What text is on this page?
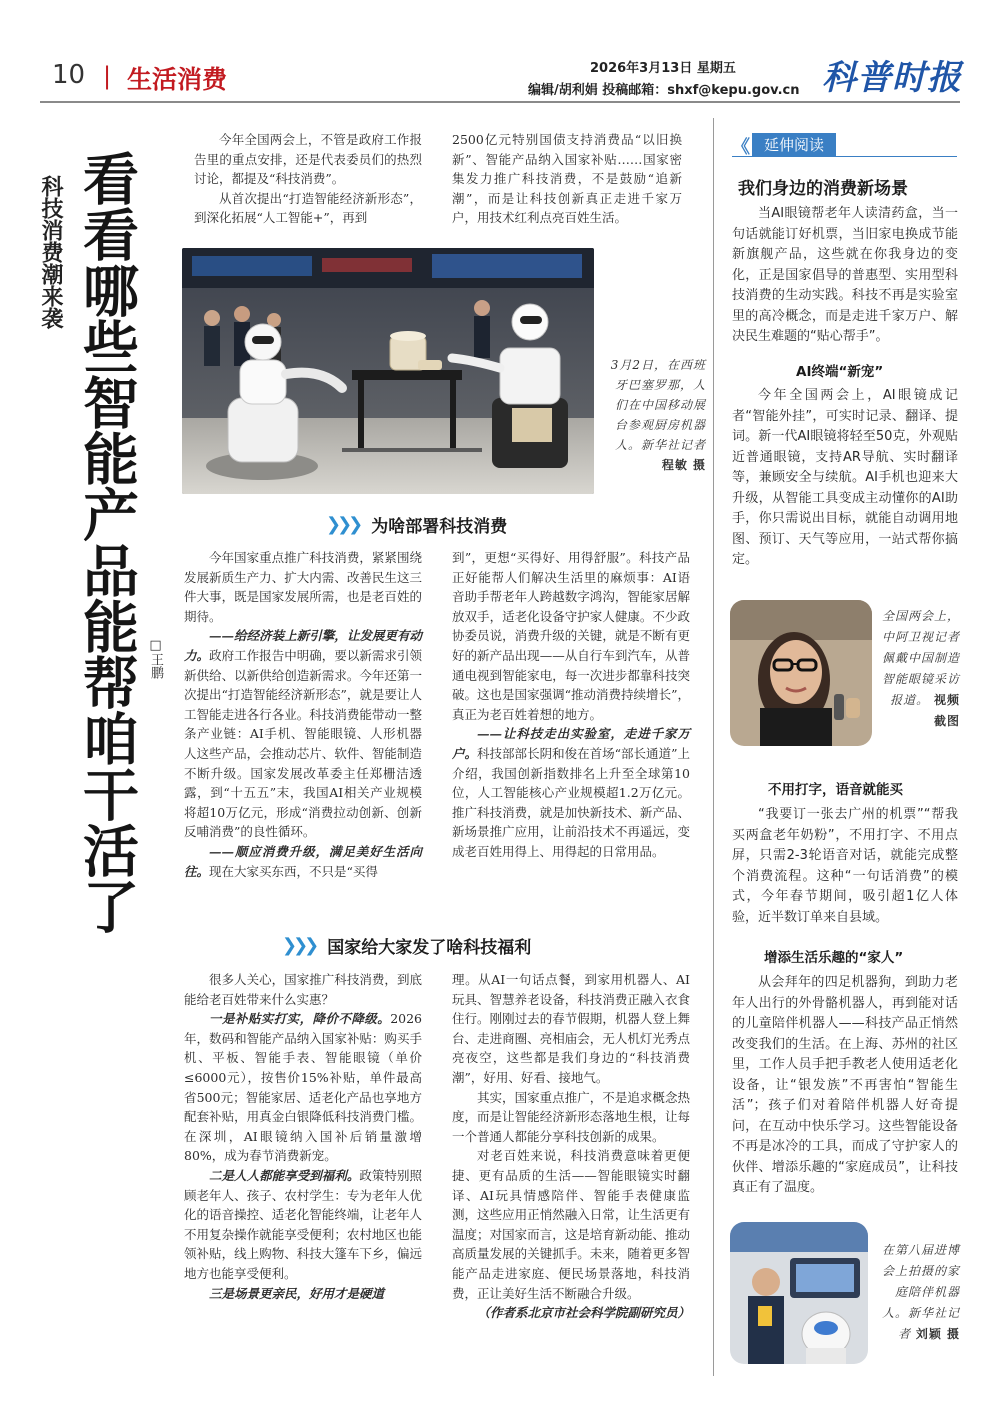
10 | 生活消费	2026年3月13日 星期五
编辑/胡利娟 投稿邮箱：shxf@kepu.gov.cn 科普时报
科技消费潮来袭 看看哪些智能产品能帮咱干活了 □王鹏

今年全国两会上，不管是政府工作报告里的重点安排，还是代表委员们的热烈讨论，都提及“科技消费”。

从首次提出“打造智能经济新形态”，到深化拓展“人工智能+”，再到

2500亿元特别国债支持消费品“以旧换新”、智能产品纳入国家补贴……国家密集发力推广科技消费，不是鼓励“追新潮”，而是让科技创新真正走进千家万户，用技术红利点亮百姓生活。

3月2日，在西班牙巴塞罗那，人们在中国移动展台参观厨房机器人。新华社记者 程敏 摄
❯❯❯ 为啥部署科技消费

今年国家重点推广科技消费，紧紧围绕发展新质生产力、扩大内需、改善民生这三件大事，既是国家发展所需，也是老百姓的期待。

——给经济装上新引擎，让发展更有动力。政府工作报告中明确，要以新需求引领新供给、以新供给创造新需求。今年还第一次提出“打造智能经济新形态”，就是要让人工智能走进各行各业。科技消费能带动一整条产业链：AI手机、智能眼镜、人形机器人这些产品，会推动芯片、软件、智能制造不断升级。国家发展改革委主任郑栅洁透露，到“十五五”末，我国AI相关产业规模将超10万亿元，形成“消费拉动创新、创新反哺消费”的良性循环。

——顺应消费升级，满足美好生活向往。现在大家买东西，不只是“买得

到”，更想“买得好、用得舒服”。科技产品正好能帮人们解决生活里的麻烦事：AI语音助手帮老年人跨越数字鸿沟，智能家居解放双手，适老化设备守护家人健康。不少政协委员说，消费升级的关键，就是不断有更好的新产品出现——从自行车到汽车，从普通电视到智能家电，每一次进步都靠科技突破。这也是国家强调“推动消费持续增长”，真正为老百姓着想的地方。

——让科技走出实验室，走进千家万户。科技部部长阴和俊在首场“部长通道”上介绍，我国创新指数排名上升至全球第10位，人工智能核心产业规模超1.2万亿元。推广科技消费，就是加快新技术、新产品、新场景推广应用，让前沿技术不再遥远，变成老百姓用得上、用得起的日常用品。

❯❯❯ 国家给大家发了啥科技福利

很多人关心，国家推广科技消费，到底能给老百姓带来什么实惠？

一是补贴实打实，降价不降级。2026年，数码和智能产品纳入国家补贴：购买手机、平板、智能手表、智能眼镜（单价≤6000元），按售价15%补贴，单件最高省500元；智能家居、适老化产品也享地方配套补贴，用真金白银降低科技消费门槛。在深圳，AI眼镜纳入国补后销量激增80%，成为春节消费新宠。

二是人人都能享受到福利。政策特别照顾老年人、孩子、农村学生：专为老年人优化的语音操控、适老化智能终端，让老年人不用复杂操作就能享受便利；农村地区也能领补贴，线上购物、科技大篷车下乡，偏远地方也能享受便利。

三是场景更亲民，好用才是硬道

理。从AI一句话点餐，到家用机器人、AI玩具、智慧养老设备，科技消费正融入衣食住行。刚刚过去的春节假期，机器人登上舞台、走进商圈、亮相庙会，无人机灯光秀点亮夜空，这些都是我们身边的“科技消费潮”，好用、好看、接地气。

其实，国家重点推广，不是追求概念热度，而是让智能经济新形态落地生根，让每一个普通人都能分享科技创新的成果。

对老百姓来说，科技消费意味着更便捷、更有品质的生活——智能眼镜实时翻译、AI玩具情感陪伴、智能手表健康监测，这些应用正悄然融入日常，让生活更有温度；对国家而言，这是培育新动能、推动高质量发展的关键抓手。未来，随着更多智能产品走进家庭、便民场景落地，科技消费，正让美好生活不断融合升级。

（作者系北京市社会科学院副研究员）

《 延伸阅读
我们身边的消费新场景

当AI眼镜帮老年人读清药盒，当一句话就能订好机票，当旧家电换成节能新旗舰产品，这些就在你我身边的变化，正是国家倡导的普惠型、实用型科技消费的生动实践。科技不再是实验室里的高冷概念，而是走进千家万户、解决民生难题的“贴心帮手”。

AI终端“新宠”

今年全国两会上，AI眼镜成记者“智能外挂”，可实时记录、翻译、提词。新一代AI眼镜将轻至50克，外观贴近普通眼镜，支持AR导航、实时翻译等，兼顾安全与续航。AI手机也迎来大升级，从智能工具变成主动懂你的AI助手，你只需说出目标，就能自动调用地图、预订、天气等应用，一站式帮你搞定。

全国两会上，中阿卫视记者佩戴中国制造智能眼镜采访报道。 视频截图
不用打字，语音就能买

“我要订一张去广州的机票”“帮我买两盒老年奶粉”，不用打字、不用点屏，只需2-3轮语音对话，就能完成整个消费流程。这种“一句话消费”的模式，今年春节期间，吸引超1亿人体验，近半数订单来自县域。

增添生活乐趣的“家人”

从会拜年的四足机器狗，到助力老年人出行的外骨骼机器人，再到能对话的儿童陪伴机器人——科技产品正悄然改变我们的生活。在上海、苏州的社区里，工作人员手把手教老人使用适老化设备，让“银发族”不再害怕“智能生活”；孩子们对着陪伴机器人好奇提问，在互动中快乐学习。这些智能设备不再是冰冷的工具，而成了守护家人的伙伴、增添乐趣的“家庭成员”，让科技真正有了温度。

在第八届进博会上拍摄的家庭陪伴机器人。新华社记者 刘颖 摄
